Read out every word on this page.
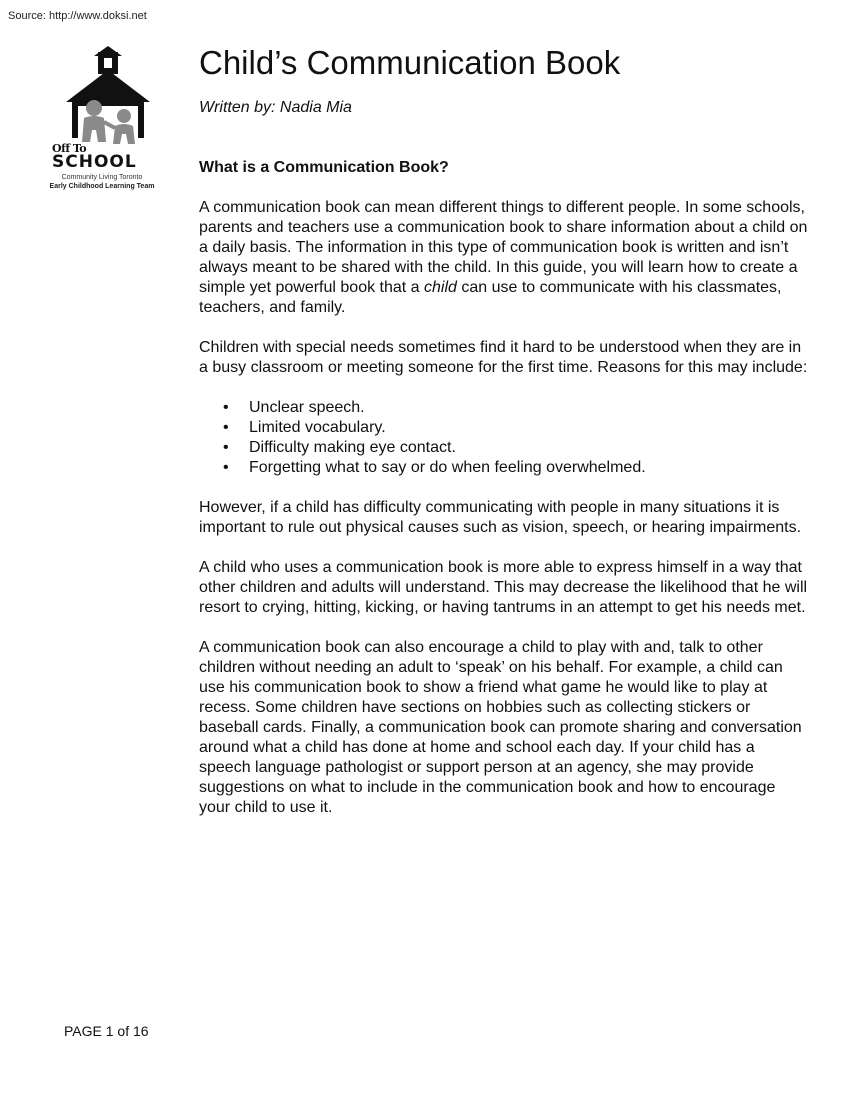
Source: http://www.doksi.net
Off To
SCHOOL
Community Living Toronto
Early Childhood Learning Team
Child’s Communication Book
Written by: Nadia Mia
What is a Communication Book?

A communication book can mean different things to different people. In some schools, parents and teachers use a communication book to share information about a child on a daily basis. The information in this type of communication book is written and isn’t always meant to be shared with the child. In this guide, you will learn how to create a simple yet powerful book that a child can use to communicate with his classmates, teachers, and family.

Children with special needs sometimes find it hard to be understood when they are in a busy classroom or meeting someone for the first time. Reasons for this may include:

• Unclear speech.
• Limited vocabulary.
• Difficulty making eye contact.
• Forgetting what to say or do when feeling overwhelmed.

However, if a child has difficulty communicating with people in many situations it is important to rule out physical causes such as vision, speech, or hearing impairments.

A child who uses a communication book is more able to express himself in a way that other children and adults will understand. This may decrease the likelihood that he will resort to crying, hitting, kicking, or having tantrums in an attempt to get his needs met.

A communication book can also encourage a child to play with and, talk to other children without needing an adult to ‘speak’ on his behalf. For example, a child can use his communication book to show a friend what game he would like to play at recess. Some children have sections on hobbies such as collecting stickers or baseball cards. Finally, a communication book can promote sharing and conversation around what a child has done at home and school each day. If your child has a speech language pathologist or support person at an agency, she may provide suggestions on what to include in the communication book and how to encourage your child to use it.

PAGE 1 of 16
